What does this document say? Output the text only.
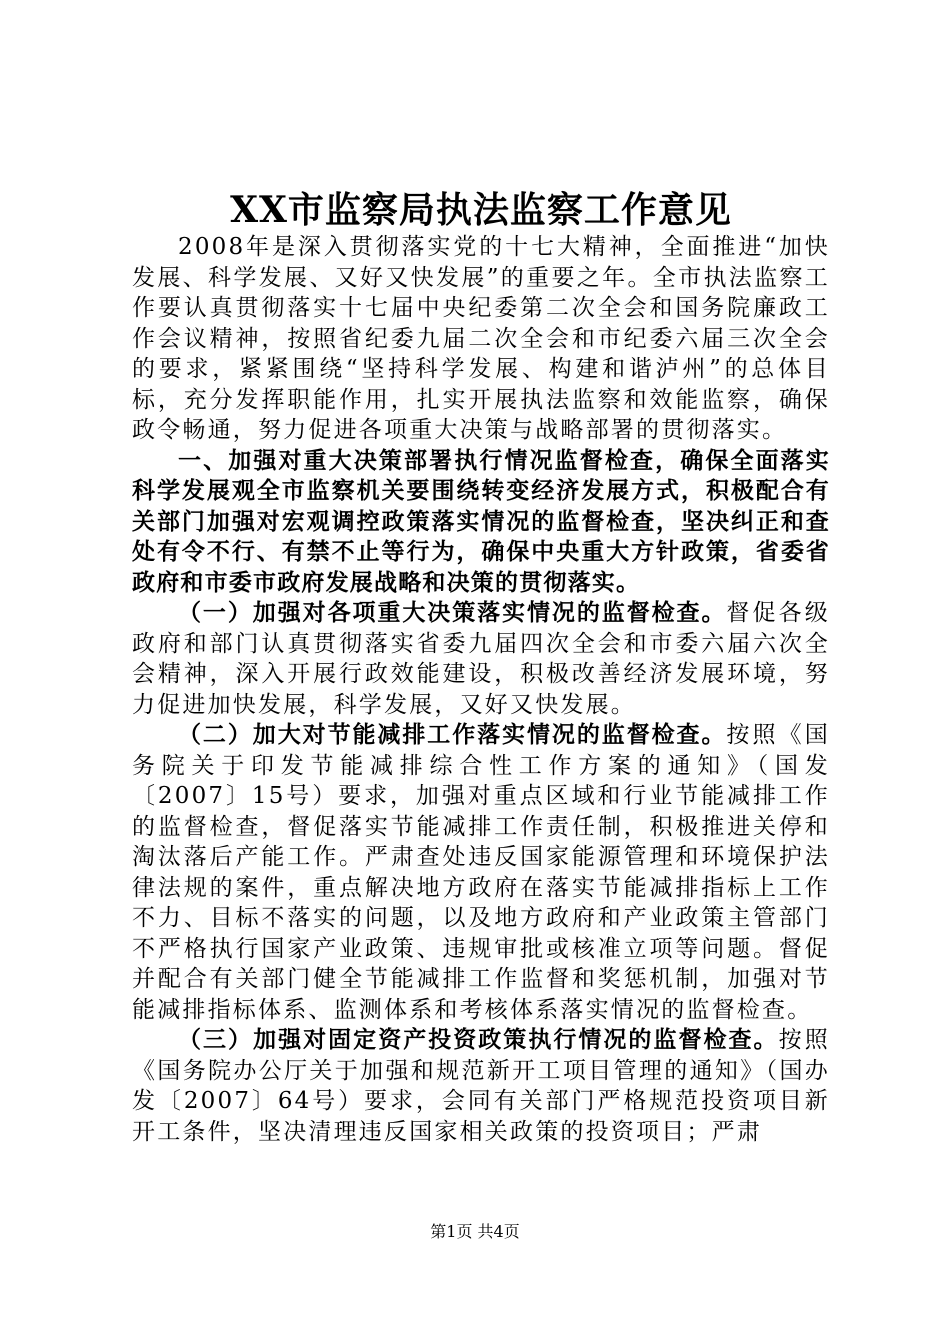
XX市监察局执法监察工作意见

2008年是深入贯彻落实党的十七大精神，全面推进“加快发展、科学发展、又好又快发展”的重要之年。全市执法监察工作要认真贯彻落实十七届中央纪委第二次全会和国务院廉政工作会议精神，按照省纪委九届二次全会和市纪委六届三次全会的要求，紧紧围绕“坚持科学发展、构建和谐泸州”的总体目标，充分发挥职能作用，扎实开展执法监察和效能监察，确保政令畅通，努力促进各项重大决策与战略部署的贯彻落实。

一、加强对重大决策部署执行情况监督检查，确保全面落实科学发展观全市监察机关要围绕转变经济发展方式，积极配合有关部门加强对宏观调控政策落实情况的监督检查，坚决纠正和查处有令不行、有禁不止等行为，确保中央重大方针政策，省委省政府和市委市政府发展战略和决策的贯彻落实。

（一）加强对各项重大决策落实情况的监督检查。督促各级政府和部门认真贯彻落实省委九届四次全会和市委六届六次全会精神，深入开展行政效能建设，积极改善经济发展环境，努力促进加快发展，科学发展，又好又快发展。

（二）加大对节能减排工作落实情况的监督检查。按照《国务院关于印发节能减排综合性工作方案的通知》（国发〔2007〕15号）要求，加强对重点区域和行业节能减排工作的监督检查，督促落实节能减排工作责任制，积极推进关停和淘汰落后产能工作。严肃查处违反国家能源管理和环境保护法律法规的案件，重点解决地方政府在落实节能减排指标上工作不力、目标不落实的问题，以及地方政府和产业政策主管部门不严格执行国家产业政策、违规审批或核准立项等问题。督促并配合有关部门健全节能减排工作监督和奖惩机制，加强对节能减排指标体系、监测体系和考核体系落实情况的监督检查。

（三）加强对固定资产投资政策执行情况的监督检查。按照《国务院办公厅关于加强和规范新开工项目管理的通知》（国办发〔2007〕64号）要求，会同有关部门严格规范投资项目新开工条件，坚决清理违反国家相关政策的投资项目；严肃

第1页 共4页
